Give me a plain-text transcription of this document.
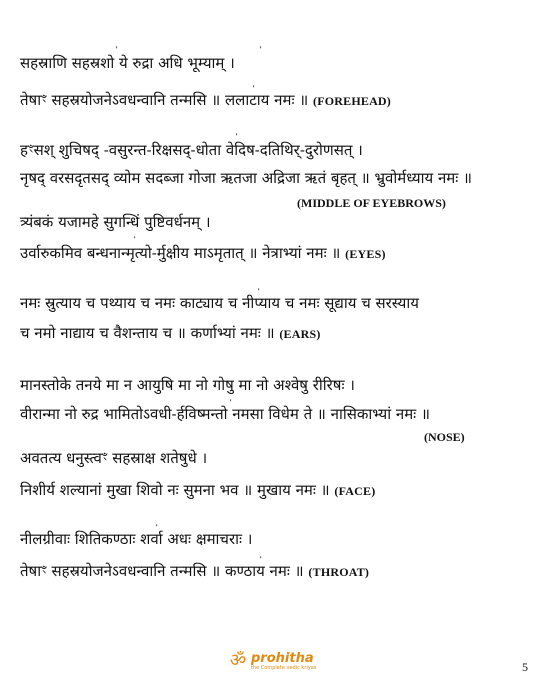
सहस्राणि सहस्रशो ये रुद्रा अधि भूम्याम् ।
तेषाꣳ सहस्रयोजनेऽवधन्वानि तन्मसि ॥ ललाटाय नमः ॥ (FOREHEAD)
हꣳसश् शुचिषद् -वसुरन्त-रिक्षसद्-धोता वेदिष-दतिथिर्-दुरोणसत् ।
नृषद् वरसदृतसद् व्योम सदब्जा गोजा ऋतजा अद्रिजा ऋतं बृहत् ॥ भ्रुवोर्मध्याय नमः ॥
(MIDDLE OF EYEBROWS)
त्र्यंबकं यजामहे सुगन्धिं पुष्टिवर्धनम् ।
उर्वारुकमिव बन्धनान्मृत्यो-र्मुक्षीय माऽमृतात् ॥ नेत्राभ्यां नमः ॥ (EYES)
नमः स्रुत्याय च पथ्याय च नमः काट्याय च नीप्याय च नमः सूद्याय च सरस्याय
च नमो नाद्याय च वैशन्ताय च ॥ कर्णाभ्यां नमः ॥ (EARS)
मानस्तोके तनये मा न आयुषि मा नो गोषु मा नो अश्वेषु रीरिषः ।
वीरान्मा नो रुद्र भामितोऽवधी-र्हविष्मन्तो नमसा विधेम ते ॥ नासिकाभ्यां नमः ॥
(NOSE)
अवतत्य धनुस्त्वꣳ सहस्राक्ष शतेषुधे ।
निशीर्य शल्यानां मुखा शिवो नः सुमना भव ॥ मुखाय नमः ॥ (FACE)
नीलग्रीवाः शितिकण्ठाः शर्वा अधः क्षमाचराः ।
तेषाꣳ सहस्रयोजनेऽवधन्वानि तन्मसि ॥ कण्ठाय नमः ॥ (THROAT)
ॐ prohitha
the Complete vedic kriyas	5
